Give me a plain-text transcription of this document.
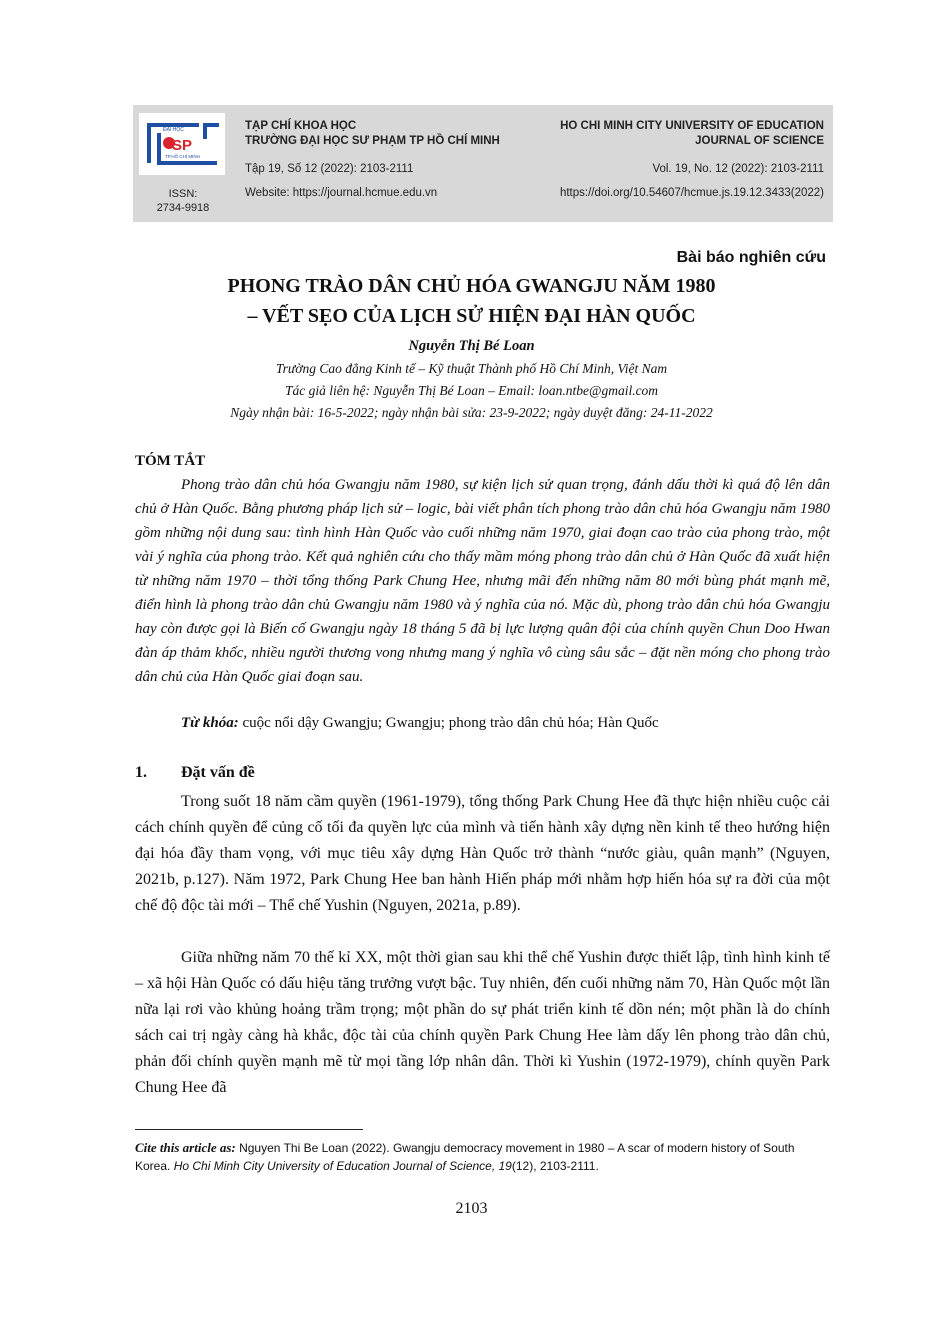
ĐẠI HỌC
SP
TP.HỒ CHÍ MINH
ISSN:
2734-9918
TẠP CHÍ KHOA HỌC
TRƯỜNG ĐẠI HỌC SƯ PHẠM TP HỒ CHÍ MINH
Tập 19, Số 12 (2022): 2103-2111
Website: https://journal.hcmue.edu.vn
HO CHI MINH CITY UNIVERSITY OF EDUCATION
JOURNAL OF SCIENCE
Vol. 19, No. 12 (2022): 2103-2111
https://doi.org/10.54607/hcmue.js.19.12.3433(2022)
Bài báo nghiên cứu
PHONG TRÀO DÂN CHỦ HÓA GWANGJU NĂM 1980
– VẾT SẸO CỦA LỊCH SỬ HIỆN ĐẠI HÀN QUỐC
Nguyễn Thị Bé Loan
Trường Cao đẳng Kinh tế – Kỹ thuật Thành phố Hồ Chí Minh, Việt Nam
Tác giả liên hệ: Nguyễn Thị Bé Loan – Email: loan.ntbe@gmail.com
Ngày nhận bài: 16-5-2022; ngày nhận bài sửa: 23-9-2022; ngày duyệt đăng: 24-11-2022
TÓM TẮT

Phong trào dân chủ hóa Gwangju năm 1980, sự kiện lịch sử quan trọng, đánh dấu thời kì quá độ lên dân chủ ở Hàn Quốc. Bằng phương pháp lịch sử – logic, bài viết phân tích phong trào dân chủ hóa Gwangju năm 1980 gồm những nội dung sau: tình hình Hàn Quốc vào cuối những năm 1970, giai đoạn cao trào của phong trào, một vài ý nghĩa của phong trào. Kết quả nghiên cứu cho thấy mầm móng phong trào dân chủ ở Hàn Quốc đã xuất hiện từ những năm 1970 – thời tổng thống Park Chung Hee, nhưng mãi đến những năm 80 mới bùng phát mạnh mẽ, điển hình là phong trào dân chủ Gwangju năm 1980 và ý nghĩa của nó. Mặc dù, phong trào dân chủ hóa Gwangju hay còn được gọi là Biến cố Gwangju ngày 18 tháng 5 đã bị lực lượng quân đội của chính quyền Chun Doo Hwan đàn áp thảm khốc, nhiều người thương vong nhưng mang ý nghĩa vô cùng sâu sắc – đặt nền móng cho phong trào dân chủ của Hàn Quốc giai đoạn sau.

Từ khóa: cuộc nổi dậy Gwangju; Gwangju; phong trào dân chủ hóa; Hàn Quốc
1. Đặt vấn đề

Trong suốt 18 năm cầm quyền (1961-1979), tổng thống Park Chung Hee đã thực hiện nhiều cuộc cải cách chính quyền để củng cố tối đa quyền lực của mình và tiến hành xây dựng nền kinh tế theo hướng hiện đại hóa đầy tham vọng, với mục tiêu xây dựng Hàn Quốc trở thành “nước giàu, quân mạnh” (Nguyen, 2021b, p.127). Năm 1972, Park Chung Hee ban hành Hiến pháp mới nhằm hợp hiến hóa sự ra đời của một chế độ độc tài mới – Thể chế Yushin (Nguyen, 2021a, p.89).

Giữa những năm 70 thế kỉ XX, một thời gian sau khi thể chế Yushin được thiết lập, tình hình kinh tế – xã hội Hàn Quốc có dấu hiệu tăng trưởng vượt bậc. Tuy nhiên, đến cuối những năm 70, Hàn Quốc một lần nữa lại rơi vào khủng hoảng trầm trọng; một phần do sự phát triển kinh tế dồn nén; một phần là do chính sách cai trị ngày càng hà khắc, độc tài của chính quyền Park Chung Hee làm dấy lên phong trào dân chủ, phản đối chính quyền mạnh mẽ từ mọi tầng lớp nhân dân. Thời kì Yushin (1972-1979), chính quyền Park Chung Hee đã

Cite this article as: Nguyen Thi Be Loan (2022). Gwangju democracy movement in 1980 – A scar of modern history of South Korea. Ho Chi Minh City University of Education Journal of Science, 19(12), 2103-2111.

2103
